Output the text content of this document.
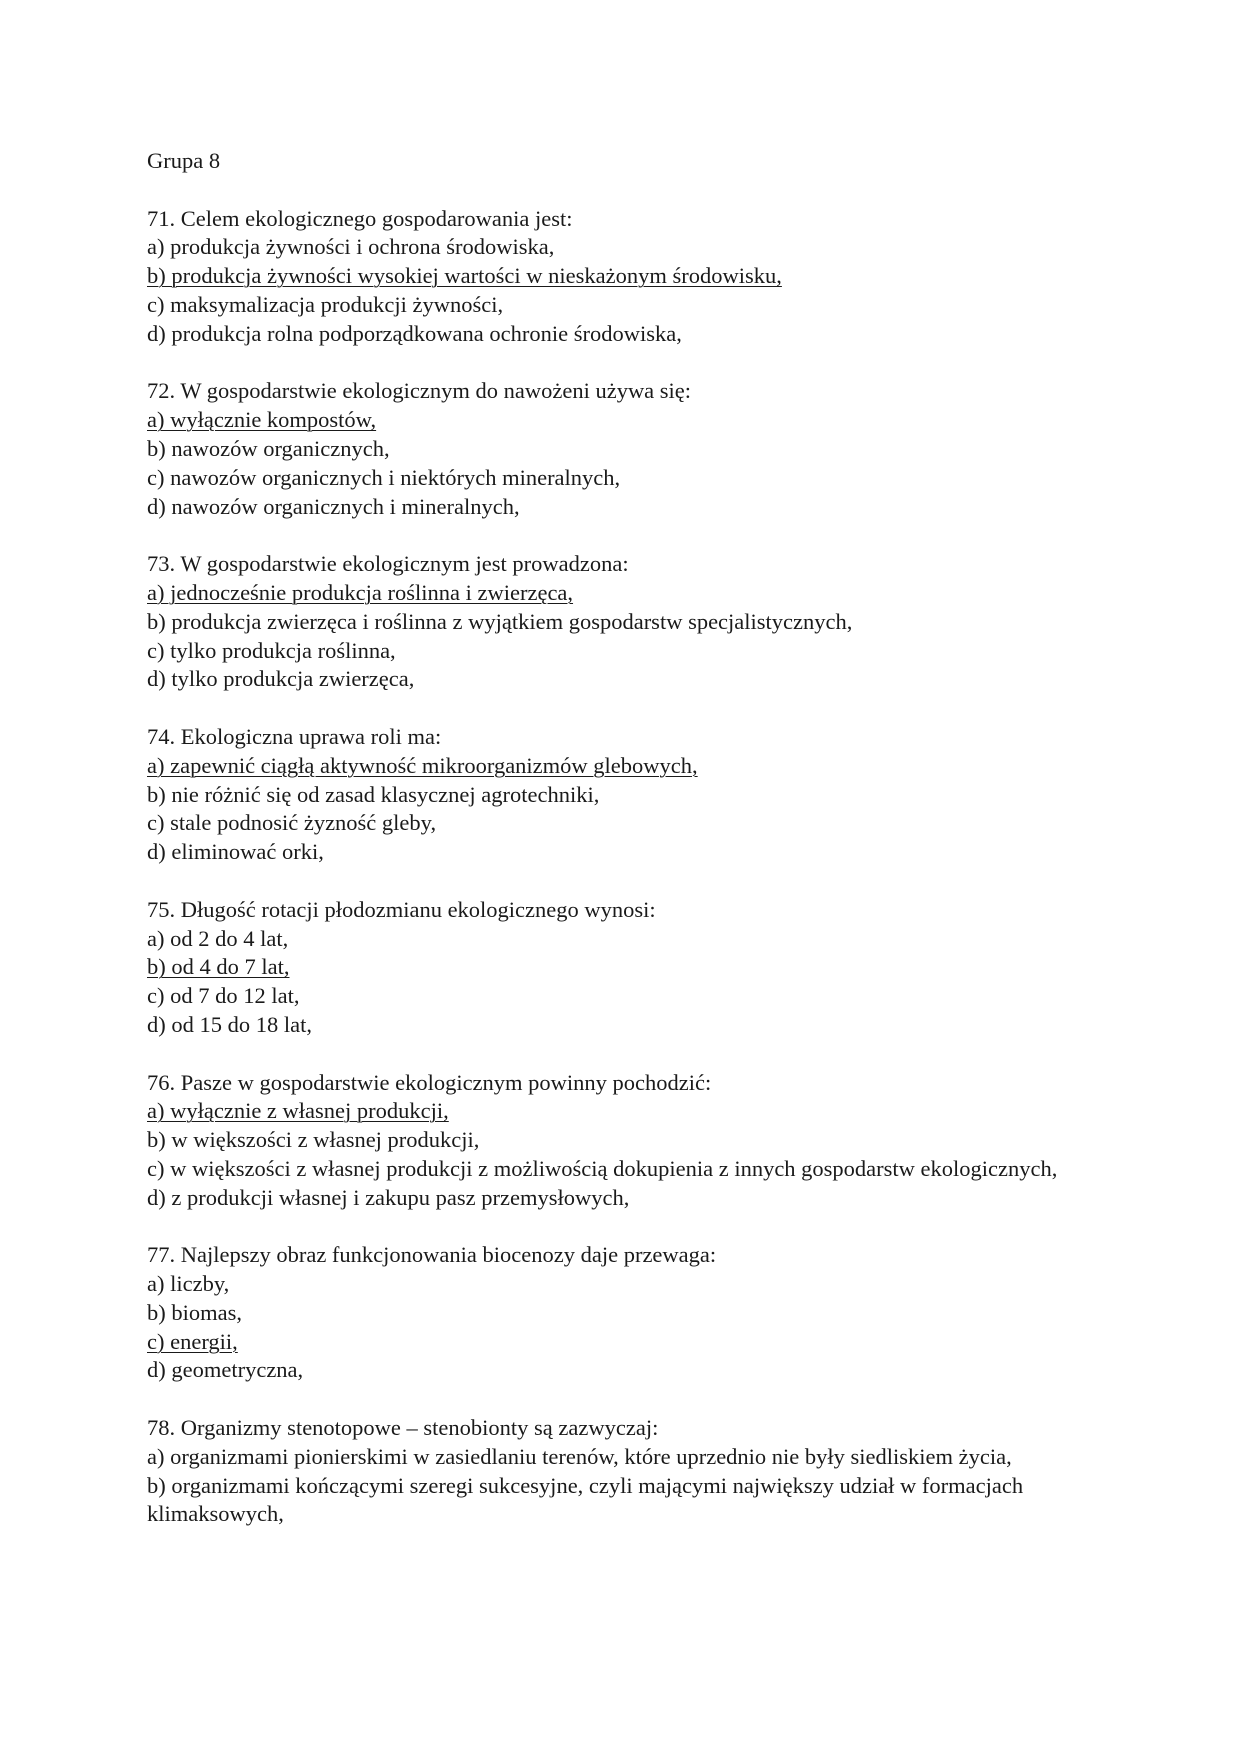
Grupa 8
71. Celem ekologicznego gospodarowania jest:
a) produkcja żywności i ochrona środowiska,
b) produkcja żywności wysokiej wartości w nieskażonym środowisku,
c) maksymalizacja produkcji żywności,
d) produkcja rolna podporządkowana ochronie środowiska,
72. W gospodarstwie ekologicznym do nawożeni używa się:
a) wyłącznie kompostów,
b) nawozów organicznych,
c) nawozów organicznych i niektórych mineralnych,
d) nawozów organicznych i mineralnych,
73. W gospodarstwie ekologicznym jest prowadzona:
a) jednocześnie produkcja roślinna i zwierzęca,
b) produkcja zwierzęca i roślinna z wyjątkiem gospodarstw specjalistycznych,
c) tylko produkcja roślinna,
d) tylko produkcja zwierzęca,
74. Ekologiczna uprawa roli ma:
a) zapewnić ciągłą aktywność mikroorganizmów glebowych,
b) nie różnić się od zasad klasycznej agrotechniki,
c) stale podnosić żyzność gleby,
d) eliminować orki,
75. Długość rotacji płodozmianu ekologicznego wynosi:
a) od 2 do 4 lat,
b) od 4 do 7 lat,
c) od 7 do 12 lat,
d) od 15 do 18 lat,
76. Pasze w gospodarstwie ekologicznym powinny pochodzić:
a) wyłącznie z własnej produkcji,
b) w większości z własnej produkcji,
c) w większości z własnej produkcji z możliwością dokupienia z innych gospodarstw ekologicznych,
d) z produkcji własnej i zakupu pasz przemysłowych,
77. Najlepszy obraz funkcjonowania biocenozy daje przewaga:
a) liczby,
b) biomas,
c) energii,
d) geometryczna,
78. Organizmy stenotopowe – stenobionty są zazwyczaj:
a) organizmami pionierskimi w zasiedlaniu terenów, które uprzednio nie były siedliskiem życia,
b) organizmami kończącymi szeregi sukcesyjne, czyli mającymi największy udział w formacjach klimaksowych,
